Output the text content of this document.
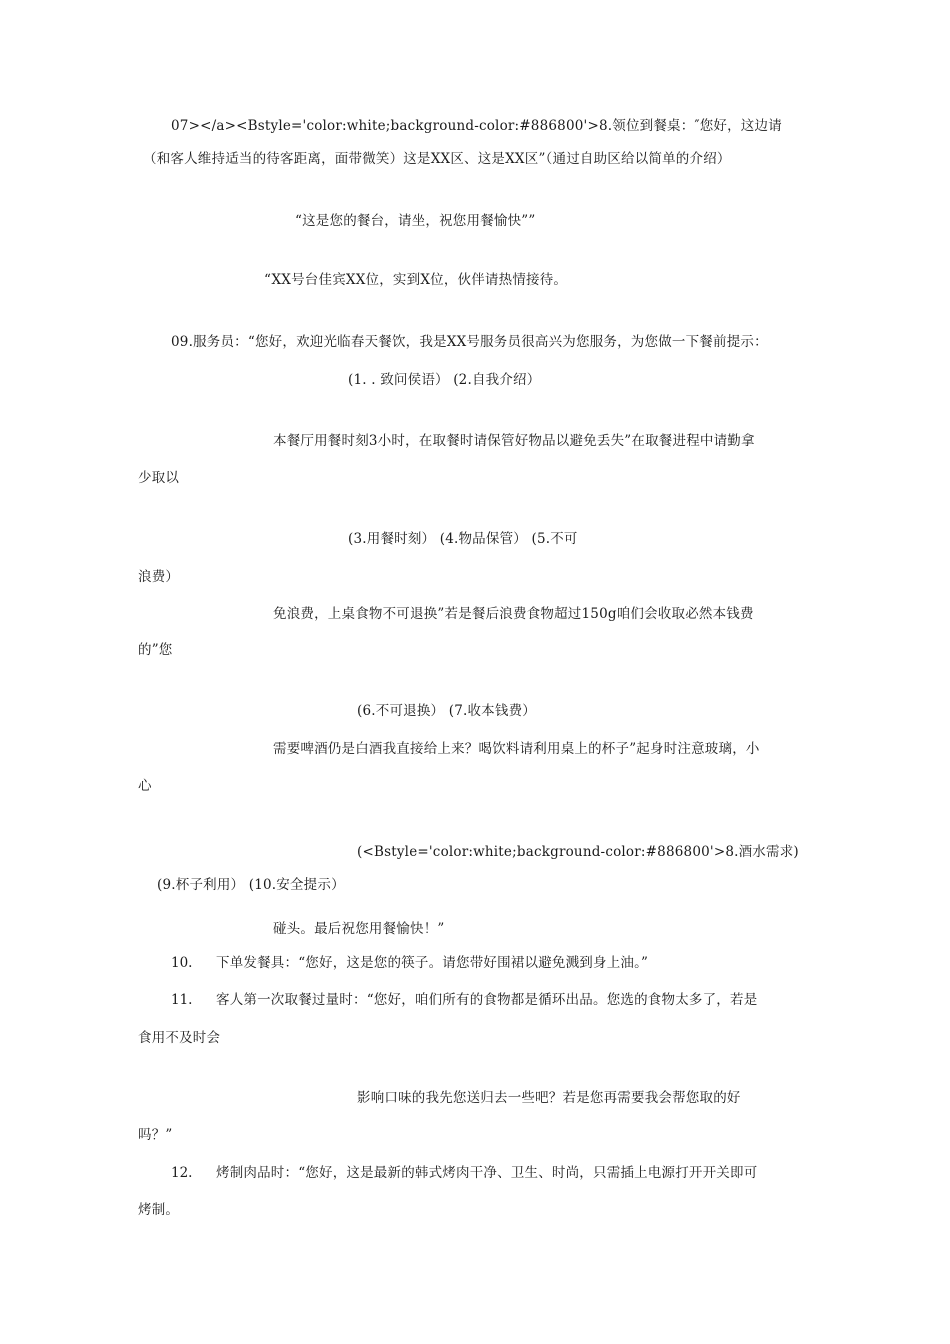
07></a><Bstyle='color:white;background-color:#886800'>8.领位到餐桌：″您好，这边请
（和客人维持适当的待客距离，面带微笑）这是XX区、这是XX区”（通过自助区给以简单的介绍）
“这是您的餐台，请坐，祝您用餐愉快””
“XX号台佳宾XX位，实到X位，伙伴请热情接待。
09.服务员：“您好，欢迎光临春天餐饮，我是XX号服务员很高兴为您服务，为您做一下餐前提示：
(1. . 致问侯语） (2.自我介绍）
本餐厅用餐时刻3小时，在取餐时请保管好物品以避免丢失”在取餐进程中请勤拿
少取以
(3.用餐时刻） (4.物品保管） (5.不可
浪费）
免浪费，上桌食物不可退换”若是餐后浪费食物超过150g咱们会收取必然本钱费
的”您
(6.不可退换） (7.收本钱费）
需要啤酒仍是白酒我直接给上来？喝饮料请利用桌上的杯子”起身时注意玻璃，小
心
(<Bstyle='color:white;background-color:#886800'>8.酒水需求)
(9.杯子利用） (10.安全提示）
碰头。最后祝您用餐愉快！”
10. 下单发餐具：“您好，这是您的筷子。请您带好围裙以避免溅到身上油。”
11. 客人第一次取餐过量时：“您好，咱们所有的食物都是循环出品。您选的食物太多了，若是
食用不及时会
影响口味的我先您送归去一些吧？若是您再需要我会帮您取的好
吗？”
12. 烤制肉品时：“您好，这是最新的韩式烤肉干净、卫生、时尚，只需插上电源打开开关即可
烤制。
